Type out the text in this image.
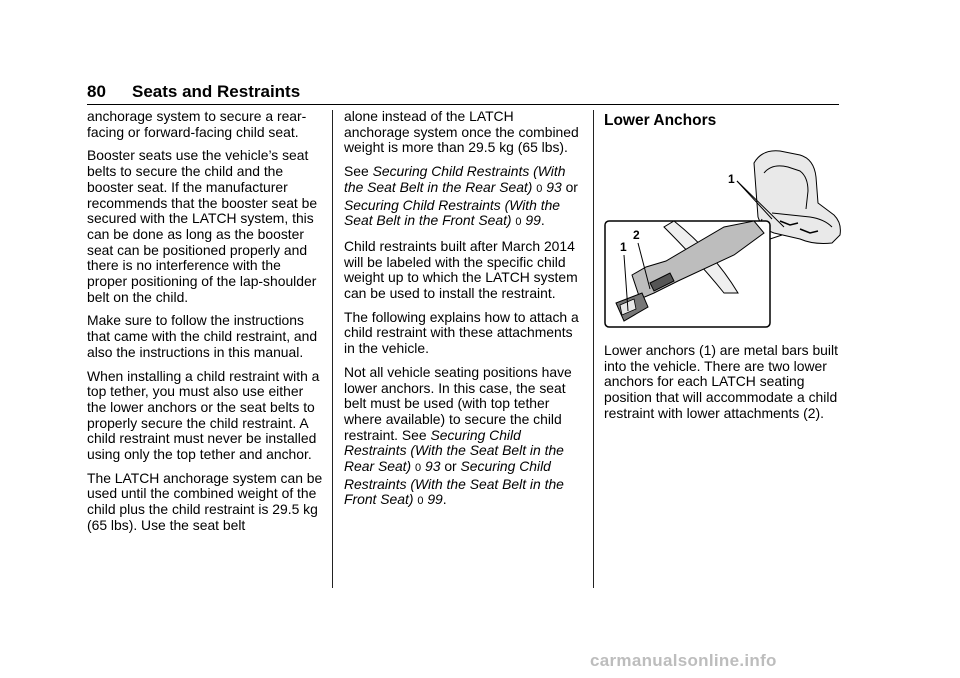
80 Seats and Restraints

anchorage system to secure a rear-facing or forward-facing child seat.

Booster seats use the vehicle’s seat belts to secure the child and the booster seat. If the manufacturer recommends that the booster seat be secured with the LATCH system, this can be done as long as the booster seat can be positioned properly and there is no interference with the proper positioning of the lap-shoulder belt on the child.

Make sure to follow the instructions that came with the child restraint, and also the instructions in this manual.

When installing a child restraint with a top tether, you must also use either the lower anchors or the seat belts to properly secure the child restraint. A child restraint must never be installed using only the top tether and anchor.

The LATCH anchorage system can be used until the combined weight of the child plus the child restraint is 29.5 kg (65 lbs). Use the seat belt

alone instead of the LATCH anchorage system once the combined weight is more than 29.5 kg (65 lbs).

See Securing Child Restraints (With the Seat Belt in the Rear Seat) 0 93 or Securing Child Restraints (With the Seat Belt in the Front Seat) 0 99.

Child restraints built after March 2014 will be labeled with the specific child weight up to which the LATCH system can be used to install the restraint.

The following explains how to attach a child restraint with these attachments in the vehicle.

Not all vehicle seating positions have lower anchors. In this case, the seat belt must be used (with top tether where available) to secure the child restraint. See Securing Child Restraints (With the Seat Belt in the Rear Seat) 0 93 or Securing Child Restraints (With the Seat Belt in the Front Seat) 0 99.

Lower Anchors
1
1
2
Lower anchors (1) are metal bars built into the vehicle. There are two lower anchors for each LATCH seating position that will accommodate a child restraint with lower attachments (2).
carmanualsonline.info
